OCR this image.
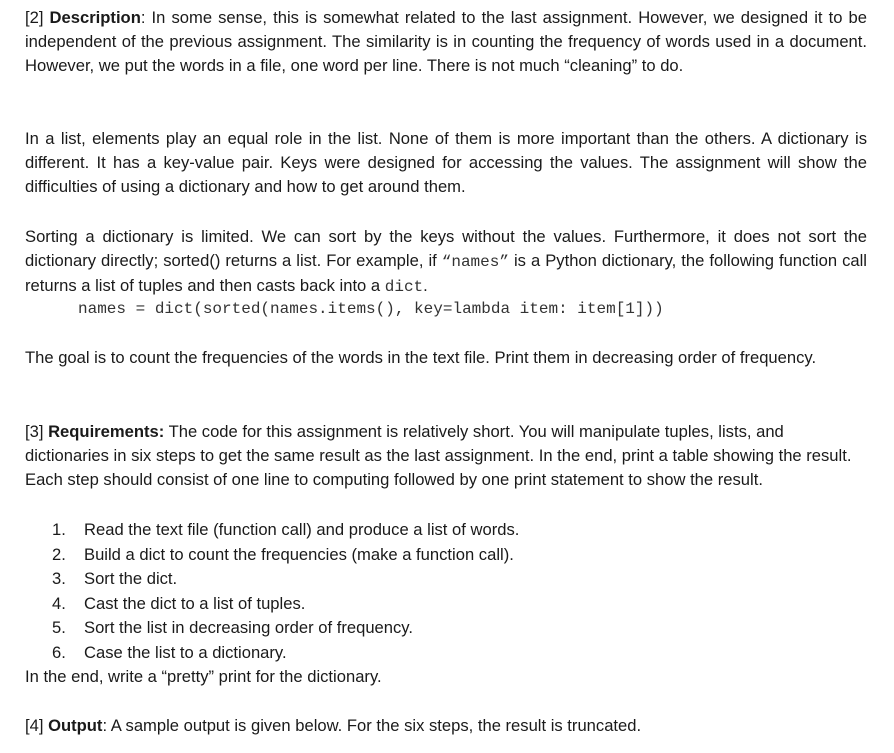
[2] Description: In some sense, this is somewhat related to the last assignment. However, we designed it to be independent of the previous assignment. The similarity is in counting the frequency of words used in a document. However, we put the words in a file, one word per line. There is not much “cleaning” to do.

In a list, elements play an equal role in the list. None of them is more important than the others. A dictionary is different. It has a key-value pair. Keys were designed for accessing the values. The assignment will show the difficulties of using a dictionary and how to get around them.

Sorting a dictionary is limited. We can sort by the keys without the values. Furthermore, it does not sort the dictionary directly; sorted() returns a list. For example, if “names” is a Python dictionary, the following function call returns a list of tuples and then casts back into a dict.

names = dict(sorted(names.items(), key=lambda item: item[1]))

The goal is to count the frequencies of the words in the text file. Print them in decreasing order of frequency.

[3] Requirements: The code for this assignment is relatively short. You will manipulate tuples, lists, and dictionaries in six steps to get the same result as the last assignment. In the end, print a table showing the result. Each step should consist of one line to computing followed by one print statement to show the result.

1.	Read the text file (function call) and produce a list of words.
2.	Build a dict to count the frequencies (make a function call).
3.	Sort the dict.
4.	Cast the dict to a list of tuples.
5.	Sort the list in decreasing order of frequency.
6.	Case the list to a dictionary.

In the end, write a “pretty” print for the dictionary.

[4] Output: A sample output is given below. For the six steps, the result is truncated.
